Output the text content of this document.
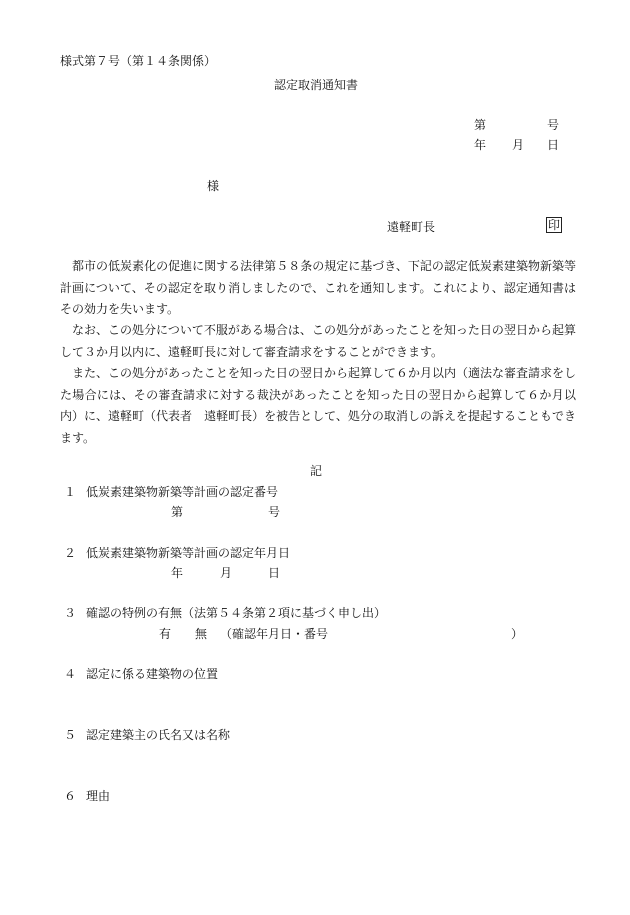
様式第７号（第１４条関係）
認定取消通知書
第	号
年 月 日
様
遠軽町長	印
都市の低炭素化の促進に関する法律第５８条の規定に基づき、下記の認定低炭素建築物新築等計画について、その認定を取り消しましたので、これを通知します。これにより、認定通知書はその効力を失います。
なお、この処分について不服がある場合は、この処分があったことを知った日の翌日から起算して３か月以内に、遠軽町長に対して審査請求をすることができます。
また、この処分があったことを知った日の翌日から起算して６か月以内（適法な審査請求をした場合には、その審査請求に対する裁決があったことを知った日の翌日から起算して６か月以内）に、遠軽町（代表者　遠軽町長）を被告として、処分の取消しの訴えを提起することもできます。
記
１ 低炭素建築物新築等計画の認定番号
第	号
２ 低炭素建築物新築等計画の認定年月日
年	月	日
３ 確認の特例の有無（法第５４条第２項に基づく申し出）
有 無 （確認年月日・番号	）
４ 認定に係る建築物の位置
５ 認定建築主の氏名又は名称
６ 理由
